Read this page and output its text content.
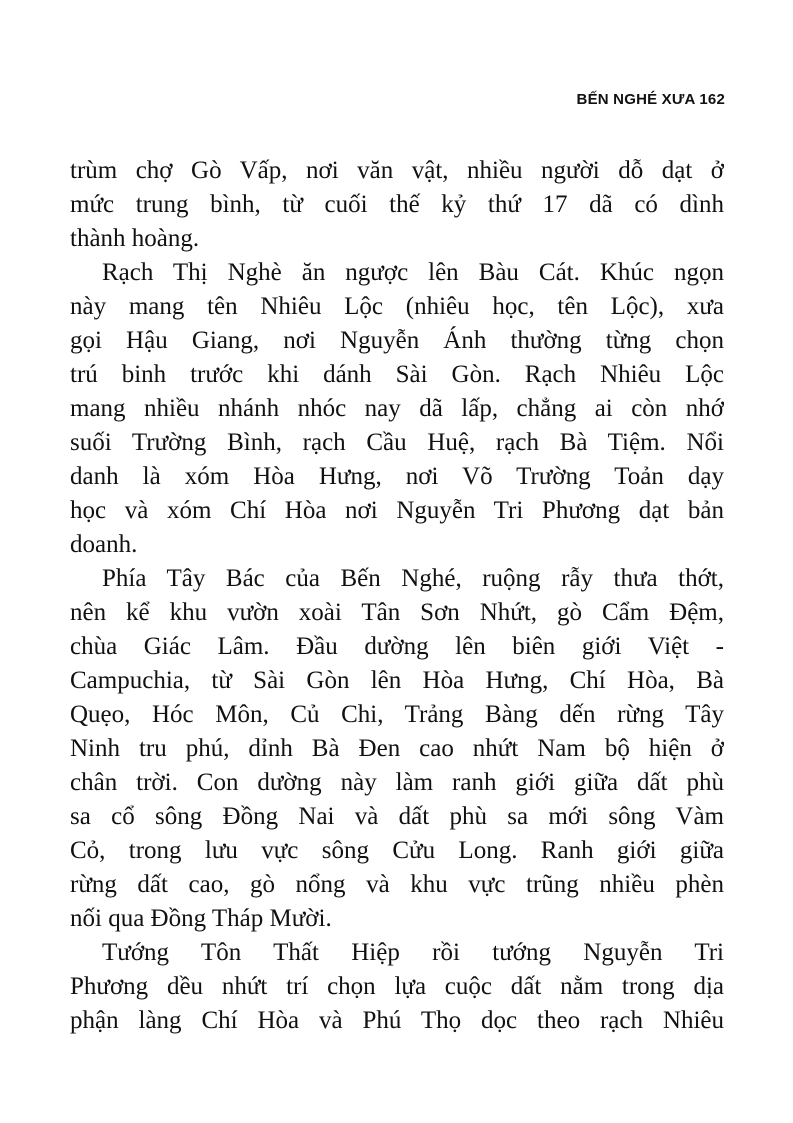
BẾN NGHÉ XƯA 162
trùm chợ Gò Vấp, nơi văn vật, nhiều người dỗ dạt ở
mức trung bình, từ cuối thế kỷ thứ 17 dã có dình
thành hoàng.
Rạch Thị Nghè ăn ngược lên Bàu Cát. Khúc ngọn
này mang tên Nhiêu Lộc (nhiêu học, tên Lộc), xưa
gọi Hậu Giang, nơi Nguyễn Ánh thường từng chọn
trú binh trước khi dánh Sài Gòn. Rạch Nhiêu Lộc
mang nhiều nhánh nhóc nay dã lấp, chẳng ai còn nhớ
suối Trường Bình, rạch Cầu Huệ, rạch Bà Tiệm. Nổi
danh là xóm Hòa Hưng, nơi Võ Trường Toản dạy
học và xóm Chí Hòa nơi Nguyễn Tri Phương dạt bản
doanh.
Phía Tây Bác của Bến Nghé, ruộng rẫy thưa thớt,
nên kể khu vườn xoài Tân Sơn Nhứt, gò Cẩm Đệm,
chùa Giác Lâm. Đầu dường lên biên giới Việt -
Campuchia, từ Sài Gòn lên Hòa Hưng, Chí Hòa, Bà
Quẹo, Hóc Môn, Củ Chi, Trảng Bàng dến rừng Tây
Ninh tru phú, dỉnh Bà Đen cao nhứt Nam bộ hiện ở
chân trời. Con dường này làm ranh giới giữa dất phù
sa cổ sông Đồng Nai và dất phù sa mới sông Vàm
Cỏ, trong lưu vực sông Cửu Long. Ranh giới giữa
rừng dất cao, gò nổng và khu vực trũng nhiều phèn
nối qua Đồng Tháp Mười.
Tướng Tôn Thất Hiệp rồi tướng Nguyễn Tri
Phương dều nhứt trí chọn lựa cuộc dất nằm trong dịa
phận làng Chí Hòa và Phú Thọ dọc theo rạch Nhiêu
